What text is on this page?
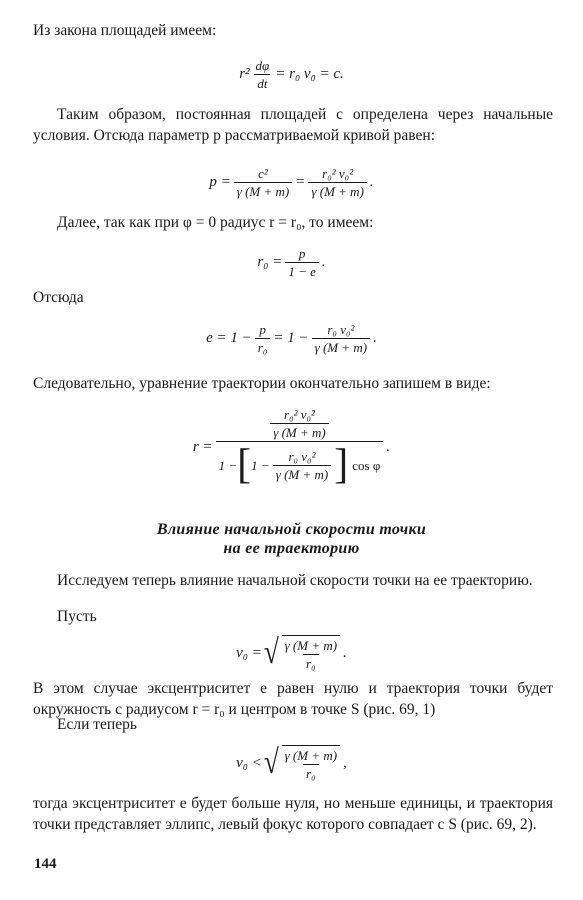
Из закона площадей имеем:

$r^2 \frac{d\varphi}{dt} = r_0$ v₀ = c.

Таким образом, постоянная площадей c определена через начальные условия. Отсюда параметр p рассматриваемой кривой равен:

$p = \frac{\text{c²}}{\gamma (M + m)} = \frac{\text{r₀² v₀²}}{\gamma (M + m)}$ .

Далее, так как при φ = 0 радиус r = r₀, то имеем:

$r_0 = \frac{p}{1 - e}$ .

Отсюда

$e = 1 - \frac{p}{\text{r₀}} = 1 - \frac{\text{r₀ v₀²}}{\gamma (M + m)}$ .

Следовательно, уравнение траектории окончательно запишем в виде:

r =
$\frac{\text{r₀² v₀²}}{\gamma (M + m)}$
1 − [ $1 - \frac{\text{r₀ v₀²}}{\gamma (M + m)}$ ] cos φ
.
Влияние начальной скорости точки
на ее траекторию

Исследуем теперь влияние начальной скорости точки на ее траекторию.

Пусть

v₀ = √ $\frac{\gamma (M + m)}{\text{r₀}}$ .

В этом случае эксцентриситет e равен нулю и траектория точки будет окружность с радиусом r = r₀ и центром в точке S (рис. 69, 1)

Если теперь

v₀ < √ $\frac{\gamma (M + m)}{\text{r₀}}$ ,

тогда эксцентриситет e будет больше нуля, но меньше единицы, и траектория точки представляет эллипс, левый фокус которого совпадает с S (рис. 69, 2).

144
